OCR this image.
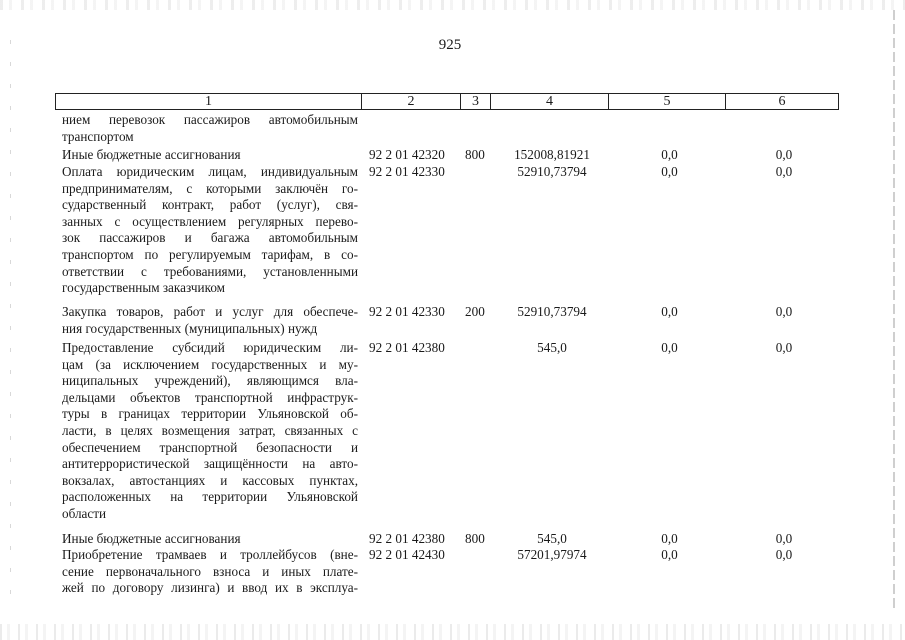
925
1	2	3	4	5	6
нием перевозок пассажиров автомобильным
транспортом
Иные бюджетные ассигнования	92 2 01 42320 800	152008,81921	0,0	0,0
Оплата юридическим лицам, индивидуальным
предпринимателям, с которыми заключён го-
сударственный контракт, работ (услуг), свя-
занных с осуществлением регулярных перево-
зок пассажиров и багажа автомобильным
транспортом по регулируемым тарифам, в со-
ответствии с требованиями, установленными
государственным заказчиком
92 2 01 42330	52910,73794	0,0	0,0
Закупка товаров, работ и услуг для обеспече-
ния государственных (муниципальных) нужд
92 2 01 42330 200	52910,73794	0,0	0,0
Предоставление субсидий юридическим ли-
цам (за исключением государственных и му-
ниципальных учреждений), являющимся вла-
дельцами объектов транспортной инфраструк-
туры в границах территории Ульяновской об-
ласти, в целях возмещения затрат, связанных с
обеспечением транспортной безопасности и
антитеррористической защищённости на авто-
вокзалах, автостанциях и кассовых пунктах,
расположенных на территории Ульяновской
области
92 2 01 42380	545,0	0,0	0,0
Иные бюджетные ассигнования	92 2 01 42380 800	545,0	0,0	0,0
Приобретение трамваев и троллейбусов (вне-
сение первоначального взноса и иных плате-
жей по договору лизинга) и ввод их в эксплуа-
92 2 01 42430	57201,97974	0,0	0,0
